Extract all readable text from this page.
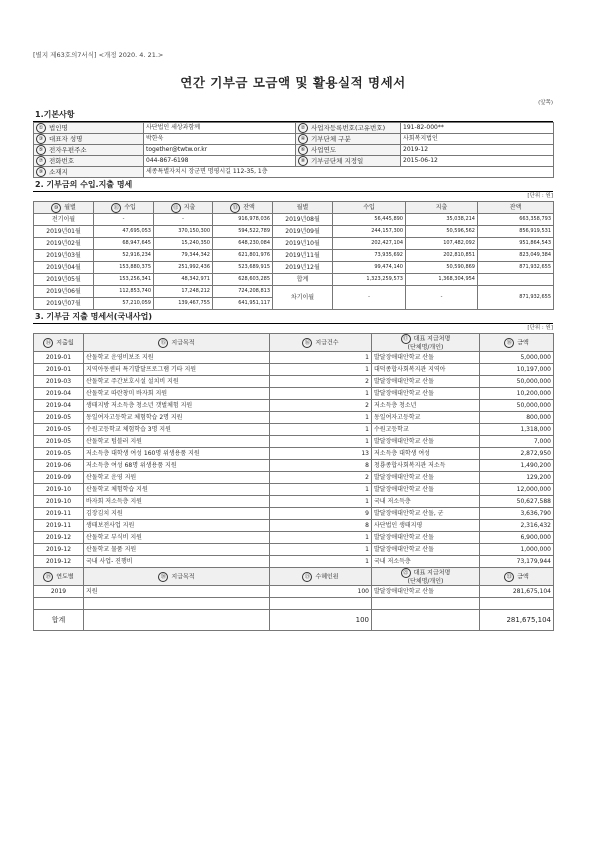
[별지 제63호의7서식] <개정 2020. 4. 21.>
연간 기부금 모금액 및 활용실적 명세서
(앞쪽)
1.기본사항
① 법인명	사단법인 세상과함께	② 사업자등록번호(고유번호)	191-82-000**
③ 대표자 성명	박한욱	④ 기부단체 구분	사회복지법인
⑤ 전자우편주소	together@twtw.or.kr	⑥ 사업연도	2019-12
⑦ 전화번호	044-867-6198	⑧ 기부금단체 지정일	2015-06-12
⑨ 소재지	세종특별자치시 장군면 명평시길 112-35, 1층		
2. 기부금의 수입.지출 명세
[단위 : 원]
⑩ 월별	⑪ 수입	⑫ 지출	⑬ 잔액	월별	수입	지출	잔액
전기이월	-	-	916,978,036	2019년08월	56,445,890	35,038,214	663,358,793
2019년01월	47,695,053	370,150,300	594,522,789	2019년09월	244,157,300	50,596,562	856,919,531
2019년02월	68,947,645	15,240,350	648,230,084	2019년10월	202,427,104	107,482,092	951,864,543
2019년03월	52,916,234	79,344,342	621,801,976	2019년11월	73,935,692	202,810,851	823,049,384
2019년04월	153,880,375	251,992,436	523,689,915	2019년12월	99,474,140	50,590,869	871,932,655
2019년05월	153,256,341	48,342,971	628,603,285	합계	1,323,259,573	1,368,304,954	
2019년06월	112,853,740	17,248,212	724,208,813	차기이월	-	-	871,932,655
2019년07월	57,210,059	139,467,755	641,951,117				
3. 기부금 지출 명세서(국내사업)
[단위 : 원]
⑭ 지출월	⑮ 지급목적	⑯ 지급건수	⑰ 대표 지급처명
(단체명/개인)	⑱ 금액
2019-01	산돌학교 운영비보조 지원	1	발달장애대안학교 산돌	5,000,000
2019-01	지역아동센터 특기발달프로그램 기타 지원	1	대덕종합사회복지관 지역아	10,197,000
2019-03	산돌학교 주간보호시설 설치비 지원	2	발달장애대안학교 산돌	50,000,000
2019-04	산돌학교 따란창미 바자회 지원	1	발달장애대안학교 산돌	10,200,000
2019-04	생태지방 저소득층 청소년 갯벌체험 지원	2	저소득층 청소년	50,000,000
2019-05	동일여자고등학교 체험학습 2명 지원	1	동일여자고등학교	800,000
2019-05	수원고등학교 체험학습 3명 지원	1	수원고등학교	1,318,000
2019-05	산돌학교 텀블러 지원	1	발달장애대안학교 산돌	7,000
2019-05	저소득층 대학생 여성 160명 위생용품 지원	13	저소득층 대학생 여성	2,872,950
2019-06	저소득층 여성 68명 위생용품 지원	8	청룡종합사회복지관 저소득	1,490,200
2019-09	산돌학교 운영 지원	2	발달장애대안학교 산돌	129,200
2019-10	산돌학교 체험학습 지원	1	발달장애대안학교 산돌	12,000,000
2019-10	바자회 저소득층 지원	1	국내 저소득층	50,627,588
2019-11	김장김치 지원	9	발달장애대안학교 산돌, 군	3,636,790
2019-11	생태보전사업 지원	8	사단법인 생태지평	2,316,432
2019-12	산돌학교 부식비 지원	1	발달장애대안학교 산돌	6,900,000
2019-12	산돌학교 물품 지원	1	발달장애대안학교 산돌	1,000,000
2019-12	국내 사업- 진행비	1	국내 저소득층	73,179,944
⑲ 연도별	⑳ 지급목적	㉑ 수혜인원	㉒ 대표 지급처명
(단체명/개인)	㉓ 금액
2019	지원	100	발달장애대안학교 산돌	281,675,104

합계		100		281,675,104
